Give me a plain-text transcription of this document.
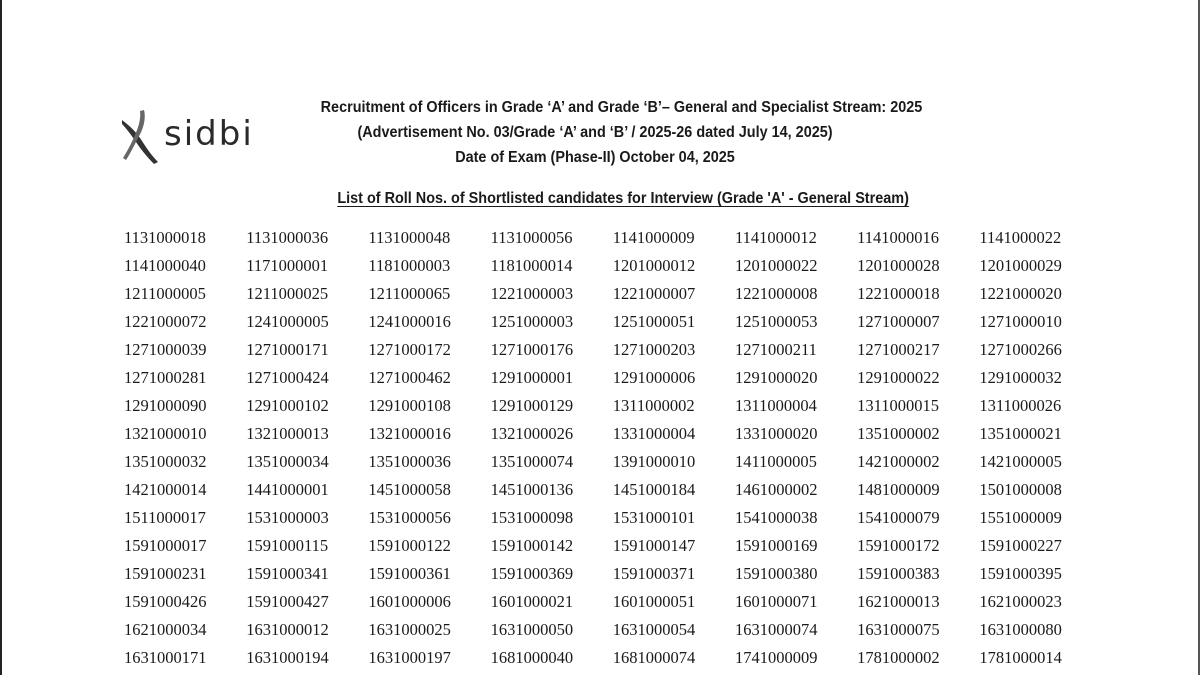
sidbi
Recruitment of Officers in Grade ‘A’ and Grade ‘B’– General and Specialist Stream: 2025
(Advertisement No. 03/Grade ‘A’ and ‘B’ / 2025-26 dated July 14, 2025)
Date of Exam (Phase-II) October 04, 2025
List of Roll Nos. of Shortlisted candidates for Interview (Grade 'A' - General Stream)
1131000018	1131000036	1131000048	1131000056	1141000009	1141000012	1141000016	1141000022
1141000040	1171000001	1181000003	1181000014	1201000012	1201000022	1201000028	1201000029
1211000005	1211000025	1211000065	1221000003	1221000007	1221000008	1221000018	1221000020
1221000072	1241000005	1241000016	1251000003	1251000051	1251000053	1271000007	1271000010
1271000039	1271000171	1271000172	1271000176	1271000203	1271000211	1271000217	1271000266
1271000281	1271000424	1271000462	1291000001	1291000006	1291000020	1291000022	1291000032
1291000090	1291000102	1291000108	1291000129	1311000002	1311000004	1311000015	1311000026
1321000010	1321000013	1321000016	1321000026	1331000004	1331000020	1351000002	1351000021
1351000032	1351000034	1351000036	1351000074	1391000010	1411000005	1421000002	1421000005
1421000014	1441000001	1451000058	1451000136	1451000184	1461000002	1481000009	1501000008
1511000017	1531000003	1531000056	1531000098	1531000101	1541000038	1541000079	1551000009
1591000017	1591000115	1591000122	1591000142	1591000147	1591000169	1591000172	1591000227
1591000231	1591000341	1591000361	1591000369	1591000371	1591000380	1591000383	1591000395
1591000426	1591000427	1601000006	1601000021	1601000051	1601000071	1621000013	1621000023
1621000034	1631000012	1631000025	1631000050	1631000054	1631000074	1631000075	1631000080
1631000171	1631000194	1631000197	1681000040	1681000074	1741000009	1781000002	1781000014
